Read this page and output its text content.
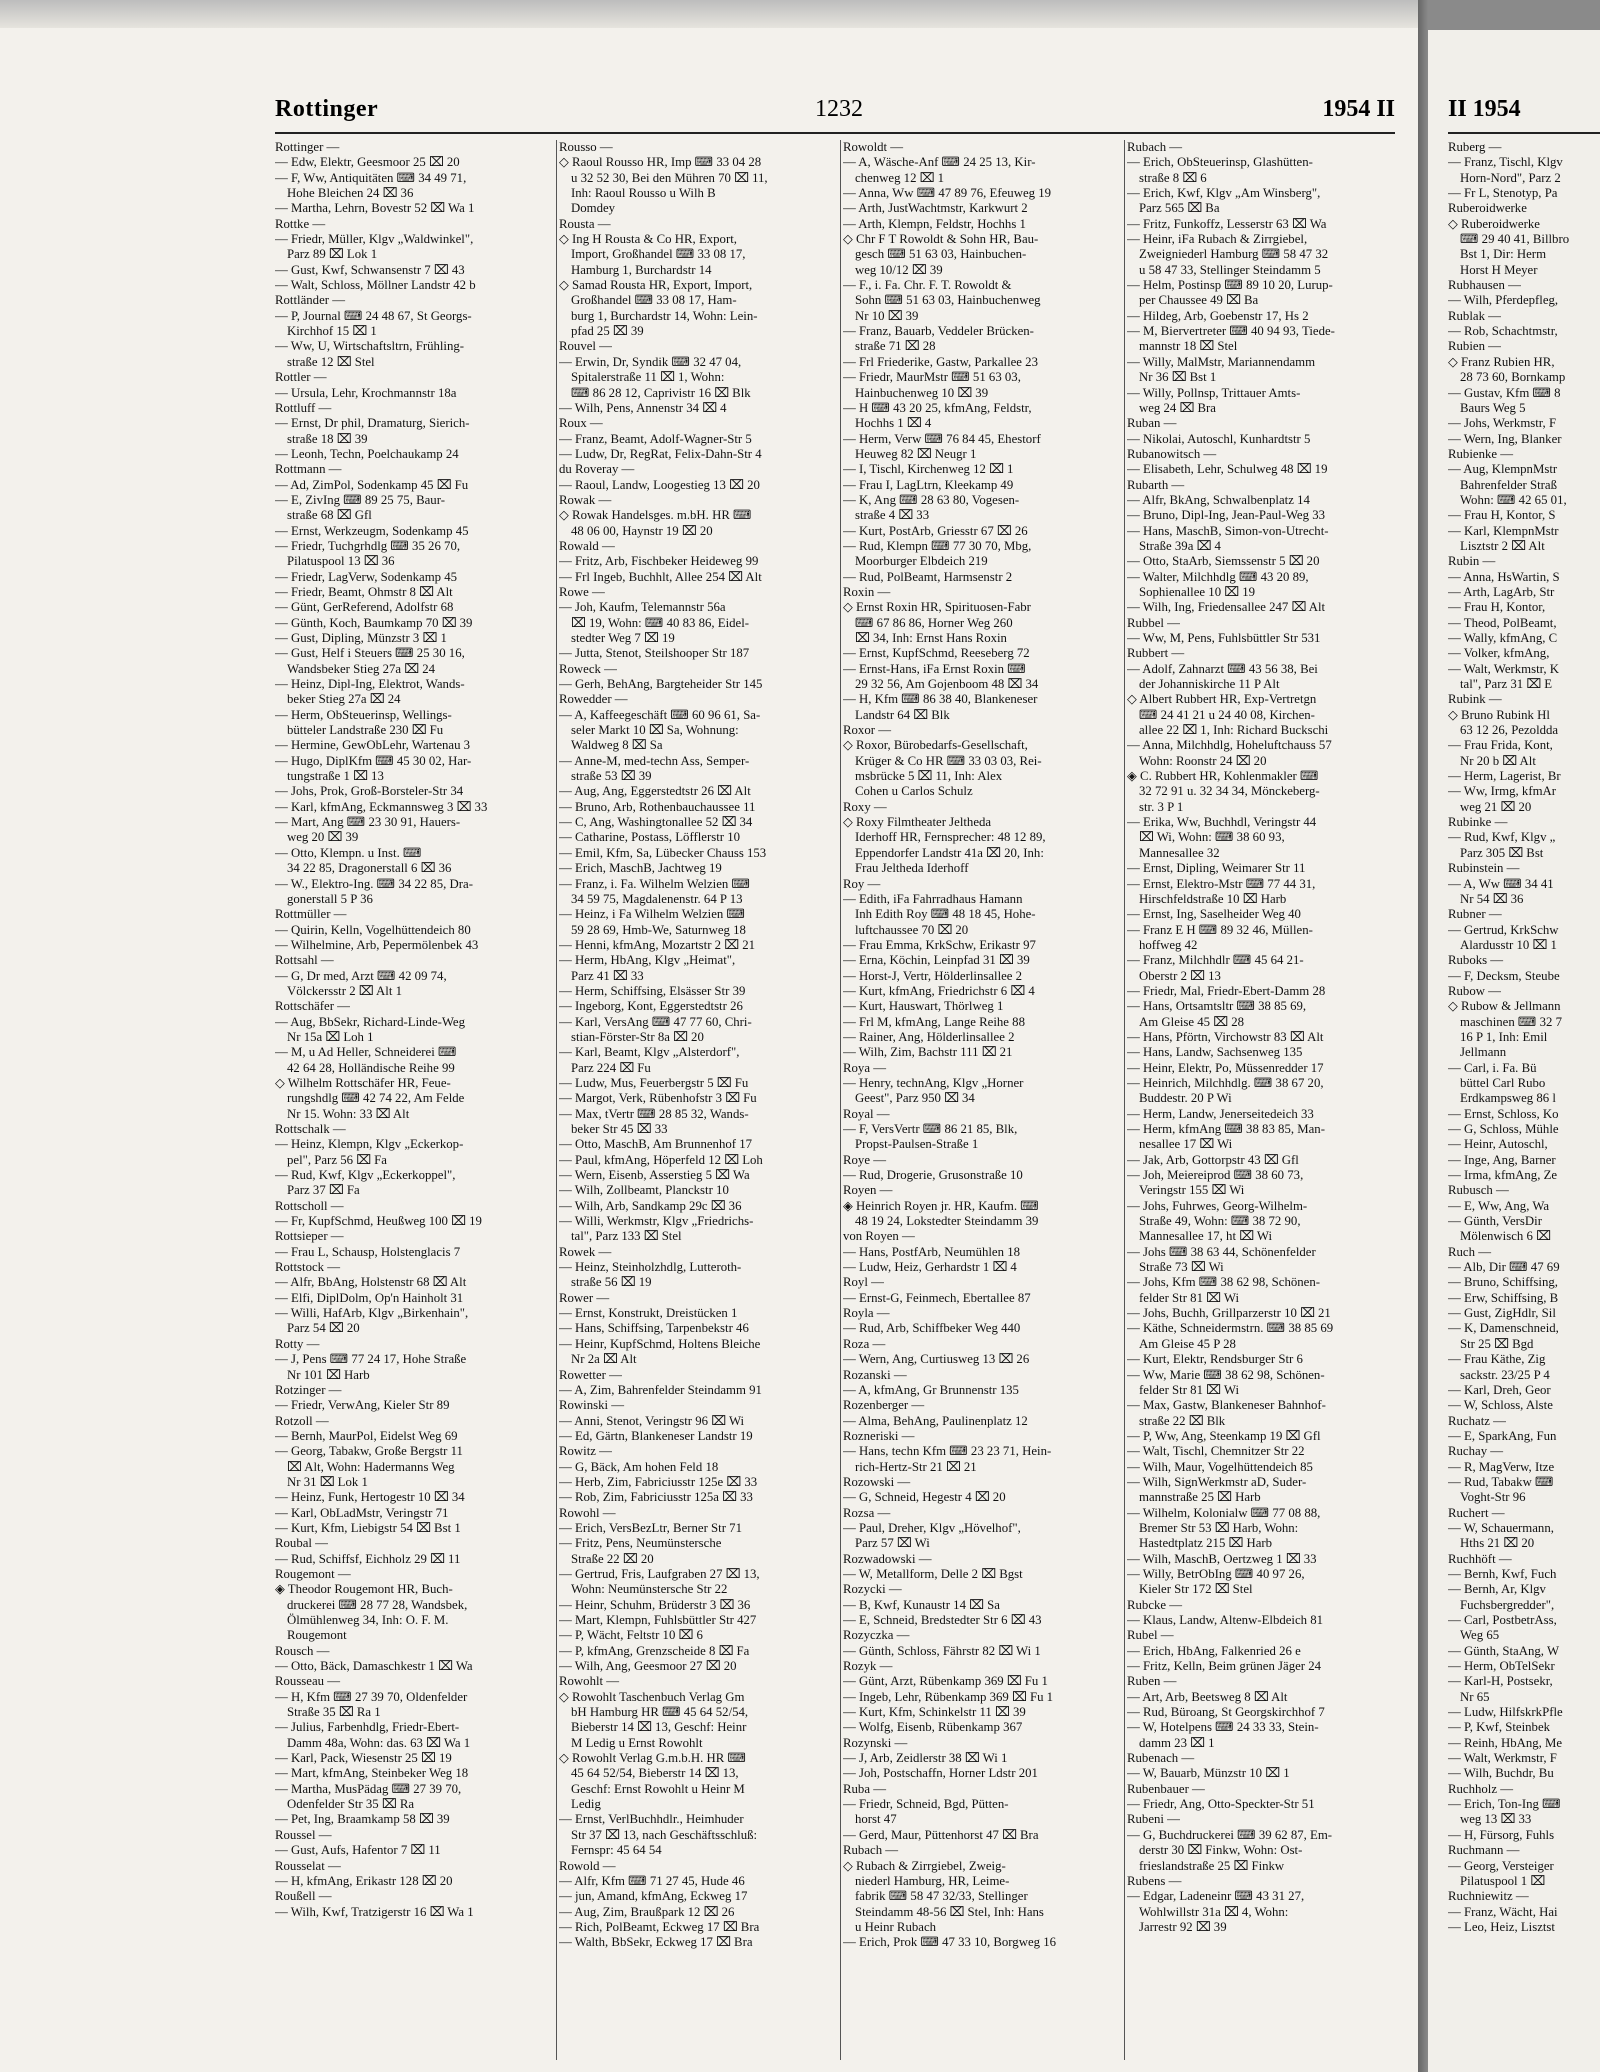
Rottinger	1232	1954 II
Rottinger —
— Edw, Elektr, Geesmoor 25 ⌧ 20
— F, Ww, Antiquitäten ⌨ 34 49 71,
Hohe Bleichen 24 ⌧ 36
— Martha, Lehrn, Bovestr 52 ⌧ Wa 1
Rottke —
— Friedr, Müller, Klgv „Waldwinkel",
Parz 89 ⌧ Lok 1
— Gust, Kwf, Schwansenstr 7 ⌧ 43
— Walt, Schloss, Möllner Landstr 42 b
Rottländer —
— P, Journal ⌨ 24 48 67, St Georgs-
Kirchhof 15 ⌧ 1
— Ww, U, Wirtschaftsltrn, Frühling-
straße 12 ⌧ Stel
Rottler —
— Ursula, Lehr, Krochmannstr 18a
Rottluff —
— Ernst, Dr phil, Dramaturg, Sierich-
straße 18 ⌧ 39
— Leonh, Techn, Poelchaukamp 24
Rottmann —
— Ad, ZimPol, Sodenkamp 45 ⌧ Fu
— E, ZivIng ⌨ 89 25 75, Baur-
straße 68 ⌧ Gfl
— Ernst, Werkzeugm, Sodenkamp 45
— Friedr, Tuchgrhdlg ⌨ 35 26 70,
Pilatuspool 13 ⌧ 36
— Friedr, LagVerw, Sodenkamp 45
— Friedr, Beamt, Ohmstr 8 ⌧ Alt
— Günt, GerReferend, Adolfstr 68
— Günth, Koch, Baumkamp 70 ⌧ 39
— Gust, Dipling, Münzstr 3 ⌧ 1
— Gust, Helf i Steuers ⌨ 25 30 16,
Wandsbeker Stieg 27a ⌧ 24
— Heinz, Dipl-Ing, Elektrot, Wands-
beker Stieg 27a ⌧ 24
— Herm, ObSteuerinsp, Wellings-
bütteler Landstraße 230 ⌧ Fu
— Hermine, GewObLehr, Wartenau 3
— Hugo, DiplKfm ⌨ 45 30 02, Har-
tungstraße 1 ⌧ 13
— Johs, Prok, Groß-Borsteler-Str 34
— Karl, kfmAng, Eckmannsweg 3 ⌧ 33
— Mart, Ang ⌨ 23 30 91, Hauers-
weg 20 ⌧ 39
— Otto, Klempn. u Inst. ⌨
34 22 85, Dragonerstall 6 ⌧ 36
— W., Elektro-Ing. ⌨ 34 22 85, Dra-
gonerstall 5 P 36
Rottmüller —
— Quirin, Kelln, Vogelhüttendeich 80
— Wilhelmine, Arb, Pepermölenbek 43
Rottsahl —
— G, Dr med, Arzt ⌨ 42 09 74,
Völckersstr 2 ⌧ Alt 1
Rottschäfer —
— Aug, BbSekr, Richard-Linde-Weg
Nr 15a ⌧ Loh 1
— M, u Ad Heller, Schneiderei ⌨
42 64 28, Holländische Reihe 99
◇ Wilhelm Rottschäfer HR, Feue-
rungshdlg ⌨ 42 74 22, Am Felde
Nr 15. Wohn: 33 ⌧ Alt
Rottschalk —
— Heinz, Klempn, Klgv „Eckerkop-
pel", Parz 56 ⌧ Fa
— Rud, Kwf, Klgv „Eckerkoppel",
Parz 37 ⌧ Fa
Rottscholl —
— Fr, KupfSchmd, Heußweg 100 ⌧ 19
Rottsieper —
— Frau L, Schausp, Holstenglacis 7
Rottstock —
— Alfr, BbAng, Holstenstr 68 ⌧ Alt
— Elfi, DiplDolm, Op'n Hainholt 31
— Willi, HafArb, Klgv „Birkenhain",
Parz 54 ⌧ 20
Rotty —
— J, Pens ⌨ 77 24 17, Hohe Straße
Nr 101 ⌧ Harb
Rotzinger —
— Friedr, VerwAng, Kieler Str 89
Rotzoll —
— Bernh, MaurPol, Eidelst Weg 69
— Georg, Tabakw, Große Bergstr 11
⌧ Alt, Wohn: Hadermanns Weg
Nr 31 ⌧ Lok 1
— Heinz, Funk, Hertogestr 10 ⌧ 34
— Karl, ObLadMstr, Veringstr 71
— Kurt, Kfm, Liebigstr 54 ⌧ Bst 1
Roubal —
— Rud, Schiffsf, Eichholz 29 ⌧ 11
Rougemont —
◈ Theodor Rougemont HR, Buch-
druckerei ⌨ 28 77 28, Wandsbek,
Ölmühlenweg 34, Inh: O. F. M.
Rougemont
Rousch —
— Otto, Bäck, Damaschkestr 1 ⌧ Wa
Rousseau —
— H, Kfm ⌨ 27 39 70, Oldenfelder
Straße 35 ⌧ Ra 1
— Julius, Farbenhdlg, Friedr-Ebert-
Damm 48a, Wohn: das. 63 ⌧ Wa 1
— Karl, Pack, Wiesenstr 25 ⌧ 19
— Mart, kfmAng, Steinbeker Weg 18
— Martha, MusPädag ⌨ 27 39 70,
Odenfelder Str 35 ⌧ Ra
— Pet, Ing, Braamkamp 58 ⌧ 39
Roussel —
— Gust, Aufs, Hafentor 7 ⌧ 11
Rousselat —
— H, kfmAng, Erikastr 128 ⌧ 20
Roußell —
— Wilh, Kwf, Tratzigerstr 16 ⌧ Wa 1
Rousso —
◇ Raoul Rousso HR, Imp ⌨ 33 04 28
u 32 52 30, Bei den Mühren 70 ⌧ 11,
Inh: Raoul Rousso u Wilh B
Domdey
Rousta —
◇ Ing H Rousta & Co HR, Export,
Import, Großhandel ⌨ 33 08 17,
Hamburg 1, Burchardstr 14
◇ Samad Rousta HR, Export, Import,
Großhandel ⌨ 33 08 17, Ham-
burg 1, Burchardstr 14, Wohn: Lein-
pfad 25 ⌧ 39
Rouvel —
— Erwin, Dr, Syndik ⌨ 32 47 04,
Spitalerstraße 11 ⌧ 1, Wohn:
⌨ 86 28 12, Caprivistr 16 ⌧ Blk
— Wilh, Pens, Annenstr 34 ⌧ 4
Roux —
— Franz, Beamt, Adolf-Wagner-Str 5
— Ludw, Dr, RegRat, Felix-Dahn-Str 4
du Roveray —
— Raoul, Landw, Loogestieg 13 ⌧ 20
Rowak —
◇ Rowak Handelsges. m.bH. HR ⌨
48 06 00, Haynstr 19 ⌧ 20
Rowald —
— Fritz, Arb, Fischbeker Heideweg 99
— Frl Ingeb, Buchhlt, Allee 254 ⌧ Alt
Rowe —
— Joh, Kaufm, Telemannstr 56a
⌧ 19, Wohn: ⌨ 40 83 86, Eidel-
stedter Weg 7 ⌧ 19
— Jutta, Stenot, Steilshooper Str 187
Roweck —
— Gerh, BehAng, Bargteheider Str 145
Rowedder —
— A, Kaffeegeschäft ⌨ 60 96 61, Sa-
seler Markt 10 ⌧ Sa, Wohnung:
Waldweg 8 ⌧ Sa
— Anne-M, med-techn Ass, Semper-
straße 53 ⌧ 39
— Aug, Ang, Eggerstedtstr 26 ⌧ Alt
— Bruno, Arb, Rothenbauchaussee 11
— C, Ang, Washingtonallee 52 ⌧ 34
— Catharine, Postass, Löfflerstr 10
— Emil, Kfm, Sa, Lübecker Chauss 153
— Erich, MaschB, Jachtweg 19
— Franz, i. Fa. Wilhelm Welzien ⌨
34 59 75, Magdalenenstr. 64 P 13
— Heinz, i Fa Wilhelm Welzien ⌨
59 28 69, Hmb-We, Saturnweg 18
— Henni, kfmAng, Mozartstr 2 ⌧ 21
— Herm, HbAng, Klgv „Heimat",
Parz 41 ⌧ 33
— Herm, Schiffsing, Elsässer Str 39
— Ingeborg, Kont, Eggerstedtstr 26
— Karl, VersAng ⌨ 47 77 60, Chri-
stian-Förster-Str 8a ⌧ 20
— Karl, Beamt, Klgv „Alsterdorf",
Parz 224 ⌧ Fu
— Ludw, Mus, Feuerbergstr 5 ⌧ Fu
— Margot, Verk, Rübenhofstr 3 ⌧ Fu
— Max, tVertr ⌨ 28 85 32, Wands-
beker Str 45 ⌧ 33
— Otto, MaschB, Am Brunnenhof 17
— Paul, kfmAng, Höperfeld 12 ⌧ Loh
— Wern, Eisenb, Asserstieg 5 ⌧ Wa
— Wilh, Zollbeamt, Planckstr 10
— Wilh, Arb, Sandkamp 29c ⌧ 36
— Willi, Werkmstr, Klgv „Friedrichs-
tal", Parz 133 ⌧ Stel
Rowek —
— Heinz, Steinholzhdlg, Lutteroth-
straße 56 ⌧ 19
Rower —
— Ernst, Konstrukt, Dreistücken 1
— Hans, Schiffsing, Tarpenbekstr 46
— Heinr, KupfSchmd, Holtens Bleiche
Nr 2a ⌧ Alt
Rowetter —
— A, Zim, Bahrenfelder Steindamm 91
Rowinski —
— Anni, Stenot, Veringstr 96 ⌧ Wi
— Ed, Gärtn, Blankeneser Landstr 19
Rowitz —
— G, Bäck, Am hohen Feld 18
— Herb, Zim, Fabriciusstr 125e ⌧ 33
— Rob, Zim, Fabriciusstr 125a ⌧ 33
Rowohl —
— Erich, VersBezLtr, Berner Str 71
— Fritz, Pens, Neumünstersche
Straße 22 ⌧ 20
— Gertrud, Fris, Laufgraben 27 ⌧ 13,
Wohn: Neumünstersche Str 22
— Heinr, Schuhm, Brüderstr 3 ⌧ 36
— Mart, Klempn, Fuhlsbüttler Str 427
— P, Wächt, Feltstr 10 ⌧ 6
— P, kfmAng, Grenzscheide 8 ⌧ Fa
— Wilh, Ang, Geesmoor 27 ⌧ 20
Rowohlt —
◇ Rowohlt Taschenbuch Verlag Gm
bH Hamburg HR ⌨ 45 64 52/54,
Bieberstr 14 ⌧ 13, Geschf: Heinr
M Ledig u Ernst Rowohlt
◇ Rowohlt Verlag G.m.b.H. HR ⌨
45 64 52/54, Bieberstr 14 ⌧ 13,
Geschf: Ernst Rowohlt u Heinr M
Ledig
— Ernst, VerlBuchhdlr., Heimhuder
Str 37 ⌧ 13, nach Geschäftsschluß:
Fernspr: 45 64 54
Rowold —
— Alfr, Kfm ⌨ 71 27 45, Hude 46
— jun, Amand, kfmAng, Eckweg 17
— Aug, Zim, Braußpark 12 ⌧ 26
— Rich, PolBeamt, Eckweg 17 ⌧ Bra
— Walth, BbSekr, Eckweg 17 ⌧ Bra
Rowoldt —
— A, Wäsche-Anf ⌨ 24 25 13, Kir-
chenweg 12 ⌧ 1
— Anna, Ww ⌨ 47 89 76, Efeuweg 19
— Arth, JustWachtmstr, Karkwurt 2
— Arth, Klempn, Feldstr, Hochhs 1
◇ Chr F T Rowoldt & Sohn HR, Bau-
gesch ⌨ 51 63 03, Hainbuchen-
weg 10/12 ⌧ 39
— F., i. Fa. Chr. F. T. Rowoldt &
Sohn ⌨ 51 63 03, Hainbuchenweg
Nr 10 ⌧ 39
— Franz, Bauarb, Veddeler Brücken-
straße 71 ⌧ 28
— Frl Friederike, Gastw, Parkallee 23
— Friedr, MaurMstr ⌨ 51 63 03,
Hainbuchenweg 10 ⌧ 39
— H ⌨ 43 20 25, kfmAng, Feldstr,
Hochhs 1 ⌧ 4
— Herm, Verw ⌨ 76 84 45, Ehestorf
Heuweg 82 ⌧ Neugr 1
— I, Tischl, Kirchenweg 12 ⌧ 1
— Frau I, LagLtrn, Kleekamp 49
— K, Ang ⌨ 28 63 80, Vogesen-
straße 4 ⌧ 33
— Kurt, PostArb, Griesstr 67 ⌧ 26
— Rud, Klempn ⌨ 77 30 70, Mbg,
Moorburger Elbdeich 219
— Rud, PolBeamt, Harmsenstr 2
Roxin —
◇ Ernst Roxin HR, Spirituosen-Fabr
⌨ 67 86 86, Horner Weg 260
⌧ 34, Inh: Ernst Hans Roxin
— Ernst, KupfSchmd, Reeseberg 72
— Ernst-Hans, iFa Ernst Roxin ⌨
29 32 56, Am Gojenboom 48 ⌧ 34
— H, Kfm ⌨ 86 38 40, Blankeneser
Landstr 64 ⌧ Blk
Roxor —
◇ Roxor, Bürobedarfs-Gesellschaft,
Krüger & Co HR ⌨ 33 03 03, Rei-
msbrücke 5 ⌧ 11, Inh: Alex
Cohen u Carlos Schulz
Roxy —
◇ Roxy Filmtheater Jeltheda
Iderhoff HR, Fernsprecher: 48 12 89,
Eppendorfer Landstr 41a ⌧ 20, Inh:
Frau Jeltheda Iderhoff
Roy —
— Edith, iFa Fahrradhaus Hamann
Inh Edith Roy ⌨ 48 18 45, Hohe-
luftchaussee 70 ⌧ 20
— Frau Emma, KrkSchw, Erikastr 97
— Erna, Köchin, Leinpfad 31 ⌧ 39
— Horst-J, Vertr, Hölderlinsallee 2
— Kurt, kfmAng, Friedrichstr 6 ⌧ 4
— Kurt, Hauswart, Thörlweg 1
— Frl M, kfmAng, Lange Reihe 88
— Rainer, Ang, Hölderlinsallee 2
— Wilh, Zim, Bachstr 111 ⌧ 21
Roya —
— Henry, technAng, Klgv „Horner
Geest", Parz 950 ⌧ 34
Royal —
— F, VersVertr ⌨ 86 21 85, Blk,
Propst-Paulsen-Straße 1
Roye —
— Rud, Drogerie, Grusonstraße 10
Royen —
◈ Heinrich Royen jr. HR, Kaufm. ⌨
48 19 24, Lokstedter Steindamm 39
von Royen —
— Hans, PostfArb, Neumühlen 18
— Ludw, Heiz, Gerhardstr 1 ⌧ 4
Royl —
— Ernst-G, Feinmech, Ebertallee 87
Royla —
— Rud, Arb, Schiffbeker Weg 440
Roza —
— Wern, Ang, Curtiusweg 13 ⌧ 26
Rozanski —
— A, kfmAng, Gr Brunnenstr 135
Rozenberger —
— Alma, BehAng, Paulinenplatz 12
Rozneriski —
— Hans, techn Kfm ⌨ 23 23 71, Hein-
rich-Hertz-Str 21 ⌧ 21
Rozowski —
— G, Schneid, Hegestr 4 ⌧ 20
Rozsa —
— Paul, Dreher, Klgv „Hövelhof",
Parz 57 ⌧ Wi
Rozwadowski —
— W, Metallform, Delle 2 ⌧ Bgst
Rozycki —
— B, Kwf, Kunaustr 14 ⌧ Sa
— E, Schneid, Bredstedter Str 6 ⌧ 43
Rozyczka —
— Günth, Schloss, Fährstr 82 ⌧ Wi 1
Rozyk —
— Günt, Arzt, Rübenkamp 369 ⌧ Fu 1
— Ingeb, Lehr, Rübenkamp 369 ⌧ Fu 1
— Kurt, Kfm, Schinkelstr 11 ⌧ 39
— Wolfg, Eisenb, Rübenkamp 367
Rozynski —
— J, Arb, Zeidlerstr 38 ⌧ Wi 1
— Joh, Postschaffn, Horner Ldstr 201
Ruba —
— Friedr, Schneid, Bgd, Pütten-
horst 47
— Gerd, Maur, Püttenhorst 47 ⌧ Bra
Rubach —
◇ Rubach & Zirrgiebel, Zweig-
niederl Hamburg, HR, Leime-
fabrik ⌨ 58 47 32/33, Stellinger
Steindamm 48-56 ⌧ Stel, Inh: Hans
u Heinr Rubach
— Erich, Prok ⌨ 47 33 10, Borgweg 16
Rubach —
— Erich, ObSteuerinsp, Glashütten-
straße 8 ⌧ 6
— Erich, Kwf, Klgv „Am Winsberg",
Parz 565 ⌧ Ba
— Fritz, Funkoffz, Lesserstr 63 ⌧ Wa
— Heinr, iFa Rubach & Zirrgiebel,
Zweigniederl Hamburg ⌨ 58 47 32
u 58 47 33, Stellinger Steindamm 5
— Helm, Postinsp ⌨ 89 10 20, Lurup-
per Chaussee 49 ⌧ Ba
— Hildeg, Arb, Goebenstr 17, Hs 2
— M, Biervertreter ⌨ 40 94 93, Tiede-
mannstr 18 ⌧ Stel
— Willy, MalMstr, Mariannendamm
Nr 36 ⌧ Bst 1
— Willy, Pollnsp, Trittauer Amts-
weg 24 ⌧ Bra
Ruban —
— Nikolai, Autoschl, Kunhardtstr 5
Rubanowitsch —
— Elisabeth, Lehr, Schulweg 48 ⌧ 19
Rubarth —
— Alfr, BkAng, Schwalbenplatz 14
— Bruno, Dipl-Ing, Jean-Paul-Weg 33
— Hans, MaschB, Simon-von-Utrecht-
Straße 39a ⌧ 4
— Otto, StaArb, Siemssenstr 5 ⌧ 20
— Walter, Milchhdlg ⌨ 43 20 89,
Sophienallee 10 ⌧ 19
— Wilh, Ing, Friedensallee 247 ⌧ Alt
Rubbel —
— Ww, M, Pens, Fuhlsbüttler Str 531
Rubbert —
— Adolf, Zahnarzt ⌨ 43 56 38, Bei
der Johanniskirche 11 P Alt
◇ Albert Rubbert HR, Exp-Vertretgn
⌨ 24 41 21 u 24 40 08, Kirchen-
allee 22 ⌧ 1, Inh: Richard Buckschi
— Anna, Milchhdlg, Hoheluftchauss 57
Wohn: Roonstr 24 ⌧ 20
◈ C. Rubbert HR, Kohlenmakler ⌨
32 72 91 u. 32 34 34, Mönckeberg-
str. 3 P 1
— Erika, Ww, Buchhdl, Veringstr 44
⌧ Wi, Wohn: ⌨ 38 60 93,
Mannesallee 32
— Ernst, Dipling, Weimarer Str 11
— Ernst, Elektro-Mstr ⌨ 77 44 31,
Hirschfeldstraße 10 ⌧ Harb
— Ernst, Ing, Saselheider Weg 40
— Franz E H ⌨ 89 32 46, Müllen-
hoffweg 42
— Franz, Milchhdlr ⌨ 45 64 21-
Oberstr 2 ⌧ 13
— Friedr, Mal, Friedr-Ebert-Damm 28
— Hans, Ortsamtsltr ⌨ 38 85 69,
Am Gleise 45 ⌧ 28
— Hans, Pförtn, Virchowstr 83 ⌧ Alt
— Hans, Landw, Sachsenweg 135
— Heinr, Elektr, Po, Müssenredder 17
— Heinrich, Milchhdlg. ⌨ 38 67 20,
Buddestr. 20 P Wi
— Herm, Landw, Jenerseitedeich 33
— Herm, kfmAng ⌨ 38 83 85, Man-
nesallee 17 ⌧ Wi
— Jak, Arb, Gottorpstr 43 ⌧ Gfl
— Joh, Meiereiprod ⌨ 38 60 73,
Veringstr 155 ⌧ Wi
— Johs, Fuhrwes, Georg-Wilhelm-
Straße 49, Wohn: ⌨ 38 72 90,
Mannesallee 17, ht ⌧ Wi
— Johs ⌨ 38 63 44, Schönenfelder
Straße 73 ⌧ Wi
— Johs, Kfm ⌨ 38 62 98, Schönen-
felder Str 81 ⌧ Wi
— Johs, Buchh, Grillparzerstr 10 ⌧ 21
— Käthe, Schneidermstrn. ⌨ 38 85 69
Am Gleise 45 P 28
— Kurt, Elektr, Rendsburger Str 6
— Ww, Marie ⌨ 38 62 98, Schönen-
felder Str 81 ⌧ Wi
— Max, Gastw, Blankeneser Bahnhof-
straße 22 ⌧ Blk
— P, Ww, Ang, Steenkamp 19 ⌧ Gfl
— Walt, Tischl, Chemnitzer Str 22
— Wilh, Maur, Vogelhüttendeich 85
— Wilh, SignWerkmstr aD, Suder-
mannstraße 25 ⌧ Harb
— Wilhelm, Kolonialw ⌨ 77 08 88,
Bremer Str 53 ⌧ Harb, Wohn:
Hastedtplatz 215 ⌧ Harb
— Wilh, MaschB, Oertzweg 1 ⌧ 33
— Willy, BetrObIng ⌨ 40 97 26,
Kieler Str 172 ⌧ Stel
Rubcke —
— Klaus, Landw, Altenw-Elbdeich 81
Rubel —
— Erich, HbAng, Falkenried 26 e
— Fritz, Kelln, Beim grünen Jäger 24
Ruben —
— Art, Arb, Beetsweg 8 ⌧ Alt
— Rud, Büroang, St Georgskirchhof 7
— W, Hotelpens ⌨ 24 33 33, Stein-
damm 23 ⌧ 1
Rubenach —
— W, Bauarb, Münzstr 10 ⌧ 1
Rubenbauer —
— Friedr, Ang, Otto-Speckter-Str 51
Rubeni —
— G, Buchdruckerei ⌨ 39 62 87, Em-
derstr 30 ⌧ Finkw, Wohn: Ost-
frieslandstraße 25 ⌧ Finkw
Rubens —
— Edgar, Ladeneinr ⌨ 43 31 27,
Wohlwillstr 31a ⌧ 4, Wohn:
Jarrestr 92 ⌧ 39
II 1954
Ruberg —
— Franz, Tischl, Klgv
Horn-Nord", Parz 2
— Fr L, Stenotyp, Pa
Ruberoidwerke
◇ Ruberoidwerke
⌨ 29 40 41, Billbro
Bst 1, Dir: Herm
Horst H Meyer
Rubhausen —
— Wilh, Pferdepfleg,
Rublak —
— Rob, Schachtmstr,
Rubien —
◇ Franz Rubien HR,
28 73 60, Bornkamp
— Gustav, Kfm ⌨ 8
Baurs Weg 5
— Johs, Werkmstr, F
— Wern, Ing, Blanker
Rubienke —
— Aug, KlempnMstr
Bahrenfelder Straß
Wohn: ⌨ 42 65 01,
— Frau H, Kontor, S
— Karl, KlempnMstr
Lisztstr 2 ⌧ Alt
Rubin —
— Anna, HsWartin, S
— Arth, LagArb, Str
— Frau H, Kontor,
— Theod, PolBeamt,
— Wally, kfmAng, C
— Volker, kfmAng,
— Walt, Werkmstr, K
tal", Parz 31 ⌧ E
Rubink —
◇ Bruno Rubink Hl
63 12 26, Pezoldda
— Frau Frida, Kont,
Nr 20 b ⌧ Alt
— Herm, Lagerist, Br
— Ww, Irmg, kfmAr
weg 21 ⌧ 20
Rubinke —
— Rud, Kwf, Klgv „
Parz 305 ⌧ Bst
Rubinstein —
— A, Ww ⌨ 34 41
Nr 54 ⌧ 36
Rubner —
— Gertrud, KrkSchw
Alardusstr 10 ⌧ 1
Ruboks —
— F, Decksm, Steube
Rubow —
◇ Rubow & Jellmann
maschinen ⌨ 32 7
16 P 1, Inh: Emil
Jellmann
— Carl, i. Fa. Bü
büttel Carl Rubo
Erdkampsweg 86 l
— Ernst, Schloss, Ko
— G, Schloss, Mühle
— Heinr, Autoschl,
— Inge, Ang, Barner
— Irma, kfmAng, Ze
Rubusch —
— E, Ww, Ang, Wa
— Günth, VersDir
Mölenwisch 6 ⌧
Ruch —
— Alb, Dir ⌨ 47 69
— Bruno, Schiffsing,
— Erw, Schiffsing, B
— Gust, ZigHdlr, Sil
— K, Damenschneid,
Str 25 ⌧ Bgd
— Frau Käthe, Zig
sackstr. 23/25 P 4
— Karl, Dreh, Geor
— W, Schloss, Alste
Ruchatz —
— E, SparkAng, Fun
Ruchay —
— R, MagVerw, Itze
— Rud, Tabakw ⌨
Voght-Str 96
Ruchert —
— W, Schauermann,
Hths 21 ⌧ 20
Ruchhöft —
— Bernh, Kwf, Fuch
— Bernh, Ar, Klgv
Fuchsbergredder",
— Carl, PostbetrAss,
Weg 65
— Günth, StaAng, W
— Herm, ObTelSekr
— Karl-H, Postsekr,
Nr 65
— Ludw, HilfskrkPfle
— P, Kwf, Steinbek
— Reinh, HbAng, Me
— Walt, Werkmstr, F
— Wilh, Buchdr, Bu
Ruchholz —
— Erich, Ton-Ing ⌨
weg 13 ⌧ 33
— H, Fürsorg, Fuhls
Ruchmann —
— Georg, Versteiger
Pilatuspool 1 ⌧
Ruchniewitz —
— Franz, Wächt, Hai
— Leo, Heiz, Lisztst
